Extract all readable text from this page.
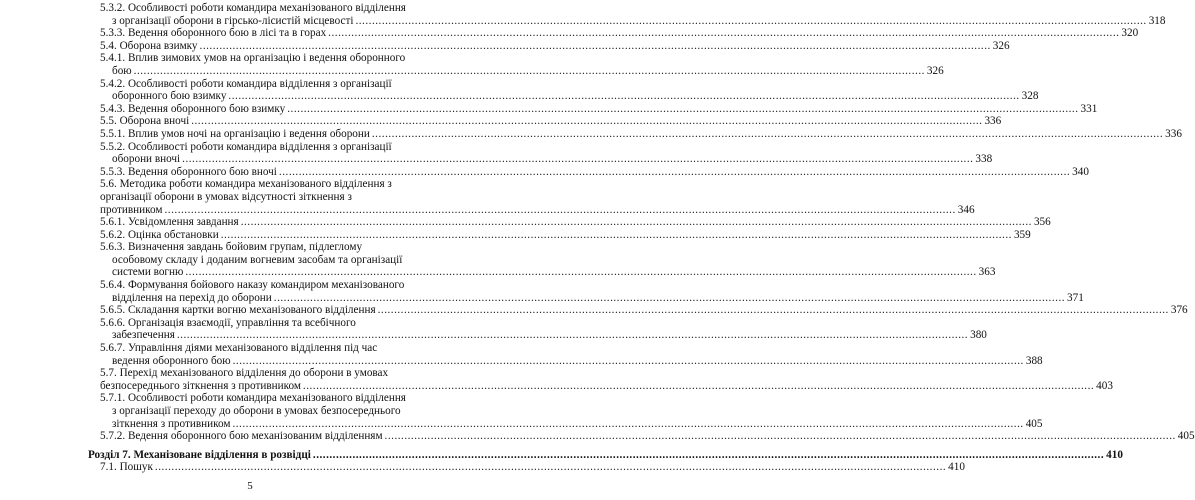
5.3.2. Особливості роботи командира механізованого відділення
з організації оборони в гірсько-лісистій місцевості ................................................................................................................................................................................................................................................ 318
5.3.3. Ведення оборонного бою в лісі та в горах ................................................................................................................................................................................................................................................ 320
5.4. Оборона взимку ................................................................................................................................................................................................................................................ 326
5.4.1. Вплив зимових умов на організацію і ведення оборонного
бою ................................................................................................................................................................................................................................................ 326
5.4.2. Особливості роботи командира відділення з організації
оборонного бою взимку ................................................................................................................................................................................................................................................ 328
5.4.3. Ведення оборонного бою взимку ................................................................................................................................................................................................................................................ 331
5.5. Оборона вночі ................................................................................................................................................................................................................................................ 336
5.5.1. Вплив умов ночі на організацію і ведення оборони ................................................................................................................................................................................................................................................ 336
5.5.2. Особливості роботи командира відділення з організації
оборони вночі ................................................................................................................................................................................................................................................ 338
5.5.3. Ведення оборонного бою вночі ................................................................................................................................................................................................................................................ 340
5.6. Методика роботи командира механізованого відділення з
організації оборони в умовах відсутності зіткнення з
противником ................................................................................................................................................................................................................................................ 346
5.6.1. Усвідомлення завдання ................................................................................................................................................................................................................................................ 356
5.6.2. Оцінка обстановки ................................................................................................................................................................................................................................................ 359
5.6.3. Визначення завдань бойовим групам, підлеглому
особовому складу і доданим вогневим засобам та організації
системи вогню ................................................................................................................................................................................................................................................ 363
5.6.4. Формування бойового наказу командиром механізованого
відділення на перехід до оборони ................................................................................................................................................................................................................................................ 371
5.6.5. Складання картки вогню механізованого відділення ................................................................................................................................................................................................................................................ 376
5.6.6. Організація взаємодії, управління та всебічного
забезпечення ................................................................................................................................................................................................................................................ 380
5.6.7. Управління діями механізованого відділення під час
ведення оборонного бою ................................................................................................................................................................................................................................................ 388
5.7. Перехід механізованого відділення до оборони в умовах
безпосереднього зіткнення з противником ................................................................................................................................................................................................................................................ 403
5.7.1. Особливості роботи командира механізованого відділення
з організації переходу до оборони в умовах безпосереднього
зіткнення з противником ................................................................................................................................................................................................................................................ 405
5.7.2. Ведення оборонного бою механізованим відділенням ................................................................................................................................................................................................................................................ 405
Розділ 7. Механізоване відділення в розвідці ................................................................................................................................................................................................................................................ 410
7.1. Пошук ................................................................................................................................................................................................................................................ 410
5
